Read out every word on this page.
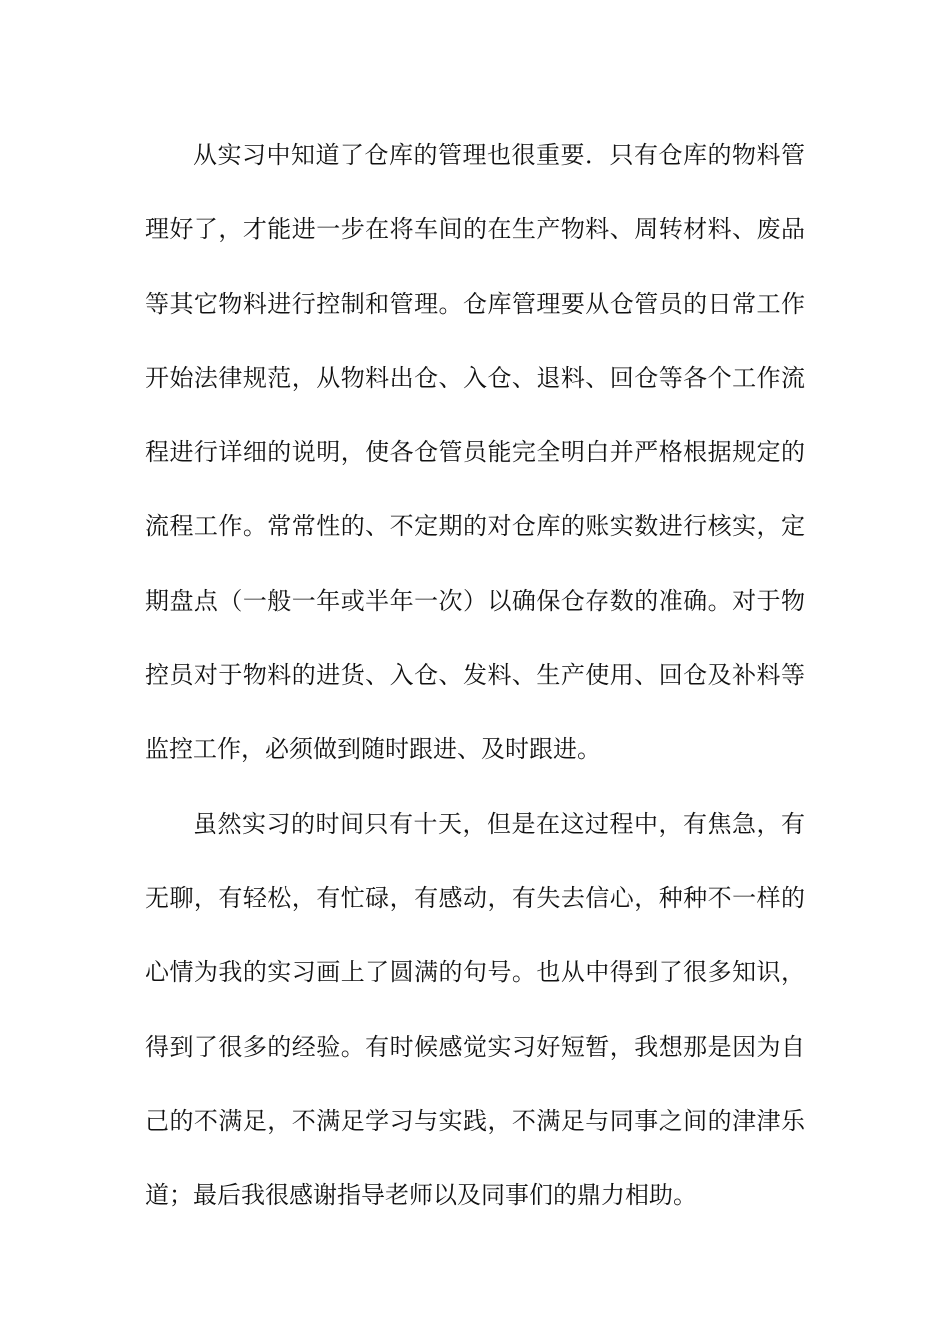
从实习中知道了仓库的管理也很重要．只有仓库的物料管
理好了，才能进一步在将车间的在生产物料、周转材料、废品
等其它物料进行控制和管理。仓库管理要从仓管员的日常工作
开始法律规范，从物料出仓、入仓、退料、回仓等各个工作流
程进行详细的说明，使各仓管员能完全明白并严格根据规定的
流程工作。常常性的、不定期的对仓库的账实数进行核实，定
期盘点（一般一年或半年一次）以确保仓存数的准确。对于物
控员对于物料的进货、入仓、发料、生产使用、回仓及补料等
监控工作，必须做到随时跟进、及时跟进。
虽然实习的时间只有十天，但是在这过程中，有焦急，有
无聊，有轻松，有忙碌，有感动，有失去信心，种种不一样的
心情为我的实习画上了圆满的句号。也从中得到了很多知识，
得到了很多的经验。有时候感觉实习好短暂，我想那是因为自
己的不满足，不满足学习与实践，不满足与同事之间的津津乐
道；最后我很感谢指导老师以及同事们的鼎力相助。
